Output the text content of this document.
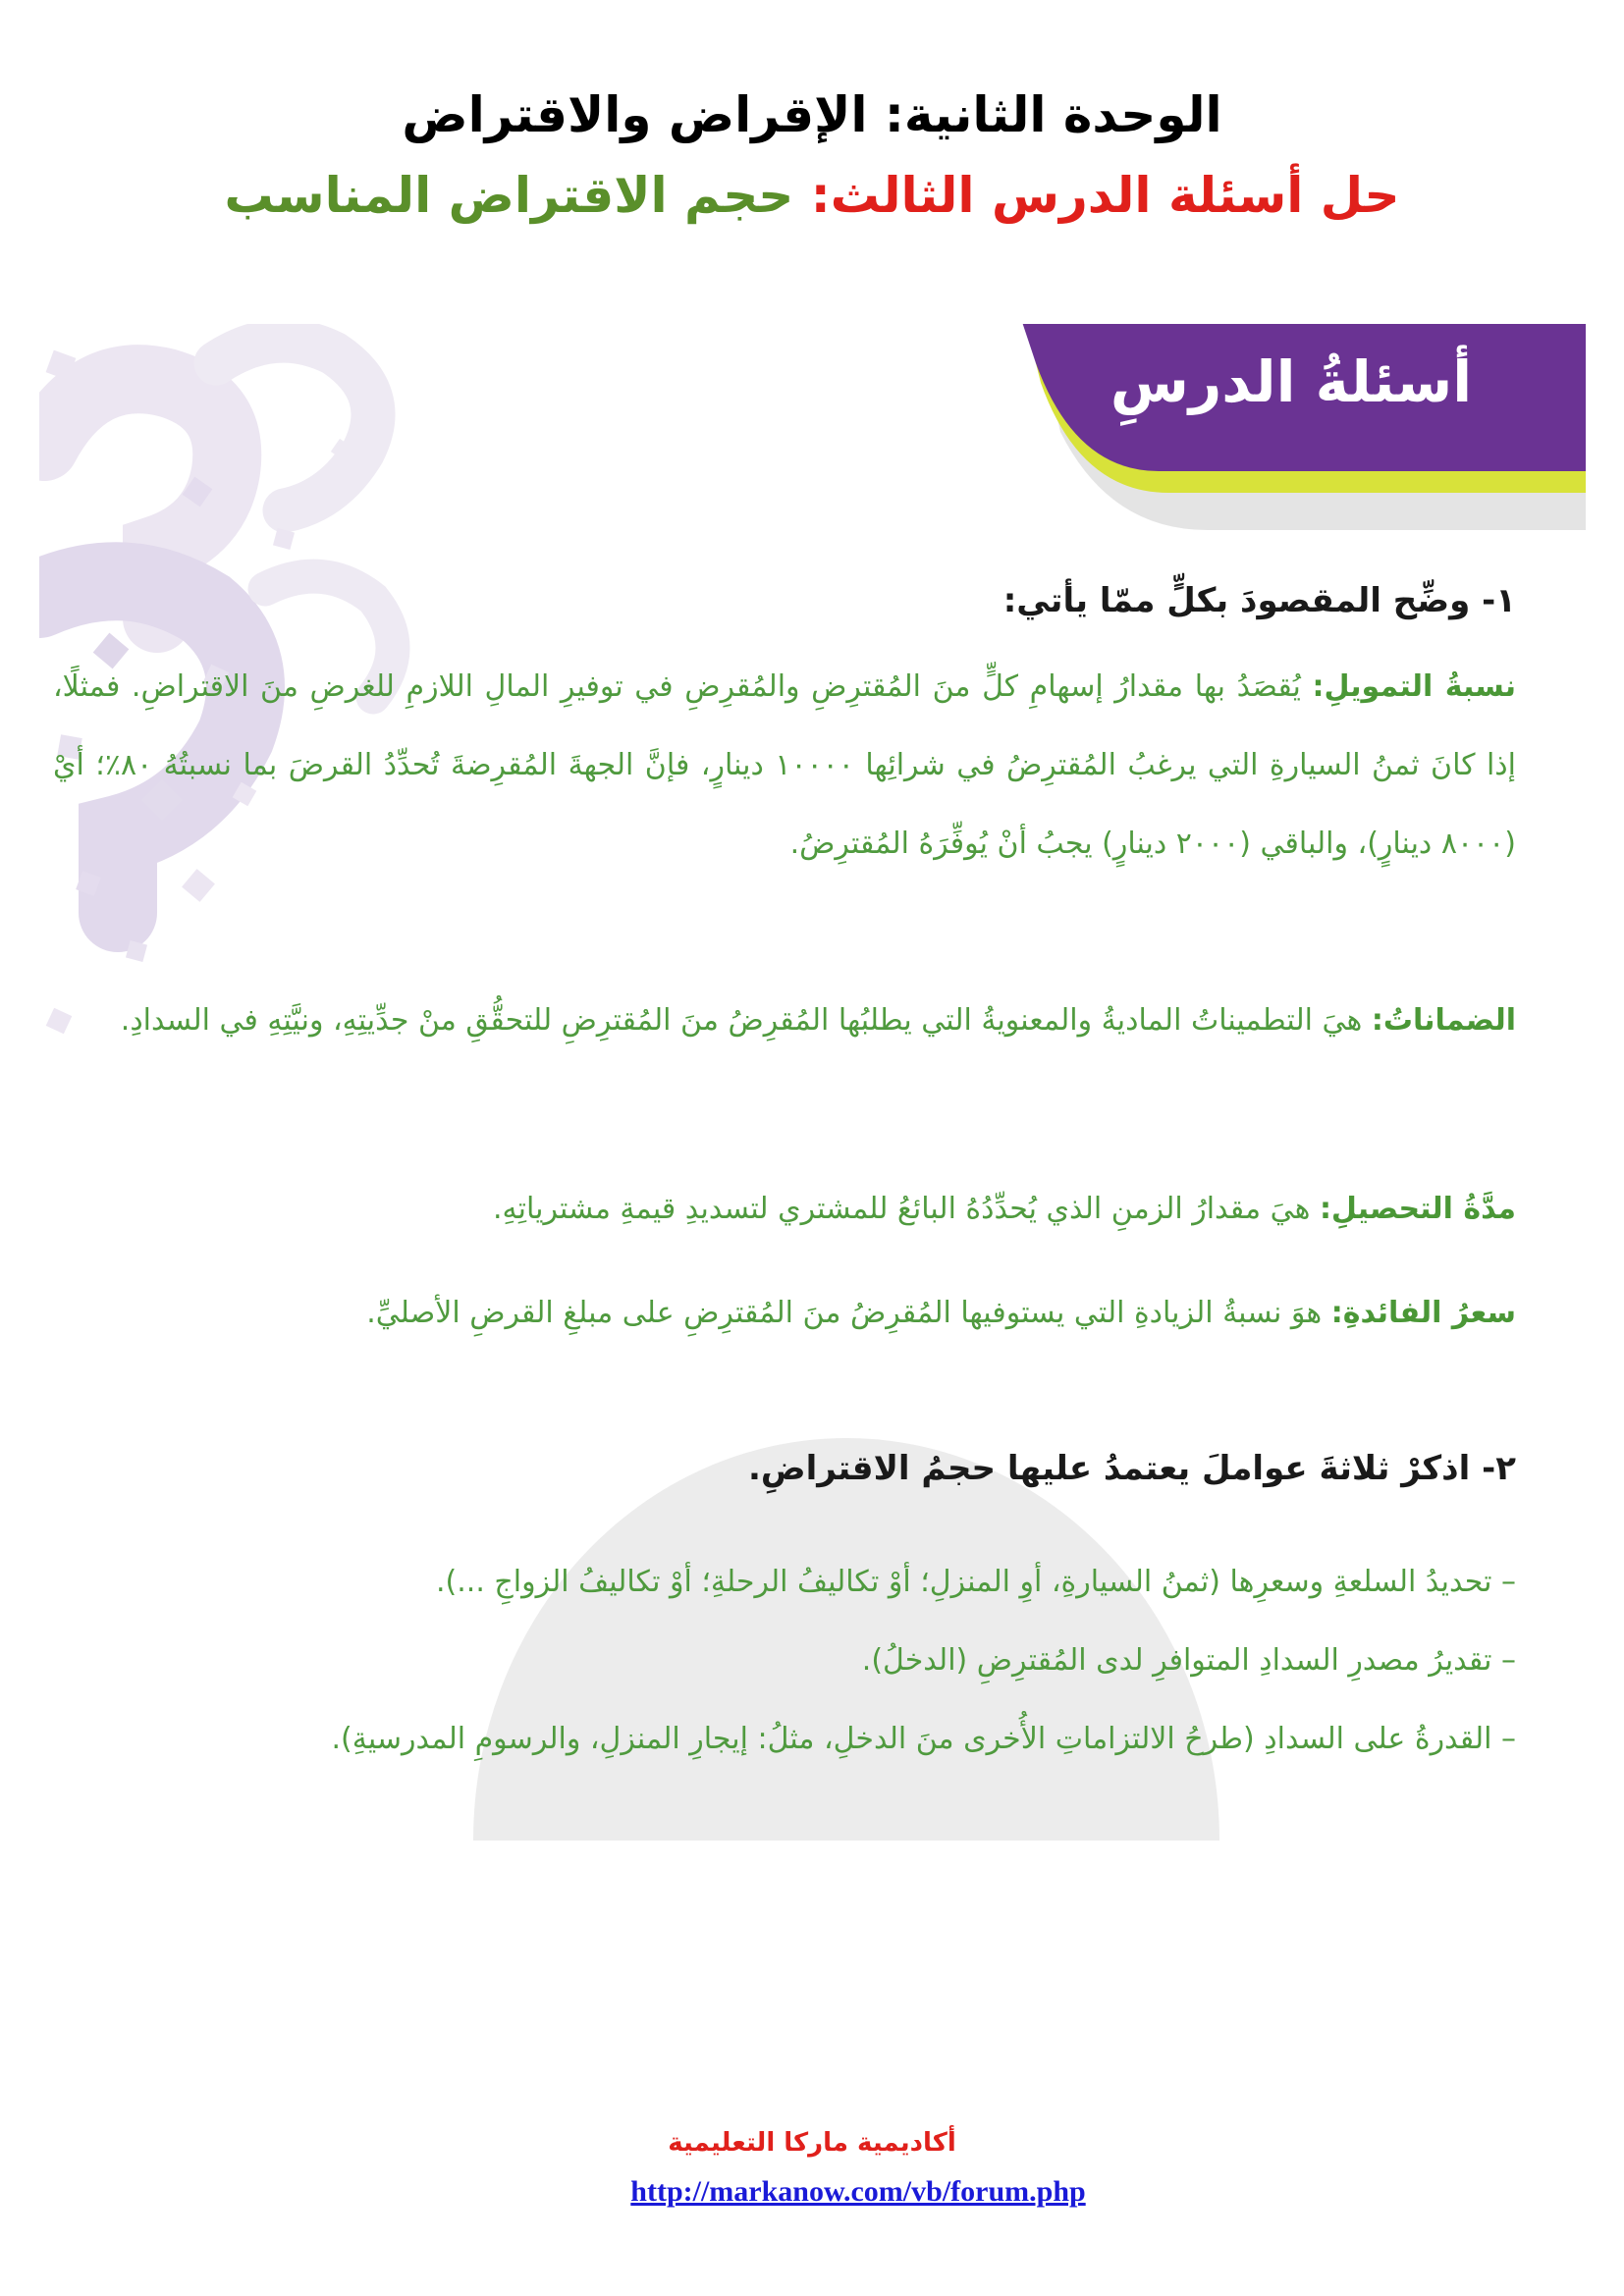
الوحدة الثانية: الإقراض والاقتراض
حل أسئلة الدرس الثالث: حجم الاقتراض المناسب
أسئلةُ الدرسِ
١- وضِّح المقصودَ بكلٍّ ممّا يأتي:
نسبةُ التمويلِ: يُقصَدُ بها مقدارُ إسهامِ كلٍّ منَ المُقترِضِ والمُقرِضِ في توفيرِ المالِ اللازمِ للغرضِ منَ الاقتراضِ. فمثلًا، إذا كانَ ثمنُ السيارةِ التي يرغبُ المُقترِضُ في شرائِها ١٠٠٠٠ دينارٍ، فإنَّ الجهةَ المُقرِضةَ تُحدِّدُ القرضَ بما نسبتُهُ ٨٠٪؛ أيْ (٨٠٠٠ دينارٍ)، والباقي (٢٠٠٠ دينارٍ) يجبُ أنْ يُوفِّرَهُ المُقترِضُ.
الضماناتُ: هيَ التطميناتُ الماديةُ والمعنويةُ التي يطلبُها المُقرِضُ منَ المُقترِضِ للتحقُّقِ منْ جدِّيتِهِ، ونيَّتِهِ في السدادِ.
مدَّةُ التحصيلِ: هيَ مقدارُ الزمنِ الذي يُحدِّدُهُ البائعُ للمشتري لتسديدِ قيمةِ مشترياتِهِ.
سعرُ الفائدةِ: هوَ نسبةُ الزيادةِ التي يستوفيها المُقرِضُ منَ المُقترِضِ على مبلغِ القرضِ الأصليِّ.
٢- اذكرْ ثلاثةَ عواملَ يعتمدُ عليها حجمُ الاقتراضِ.
– تحديدُ السلعةِ وسعرِها (ثمنُ السيارةِ، أوِ المنزلِ؛ أوْ تكاليفُ الرحلةِ؛ أوْ تكاليفُ الزواجِ ...).
– تقديرُ مصدرِ السدادِ المتوافرِ لدى المُقترِضِ (الدخلُ).
– القدرةُ على السدادِ (طرحُ الالتزاماتِ الأُخرى منَ الدخلِ، مثلُ: إيجارِ المنزلِ، والرسومِ المدرسيةِ).
أكاديمية ماركا التعليمية
http://markanow.com/vb/forum.php
